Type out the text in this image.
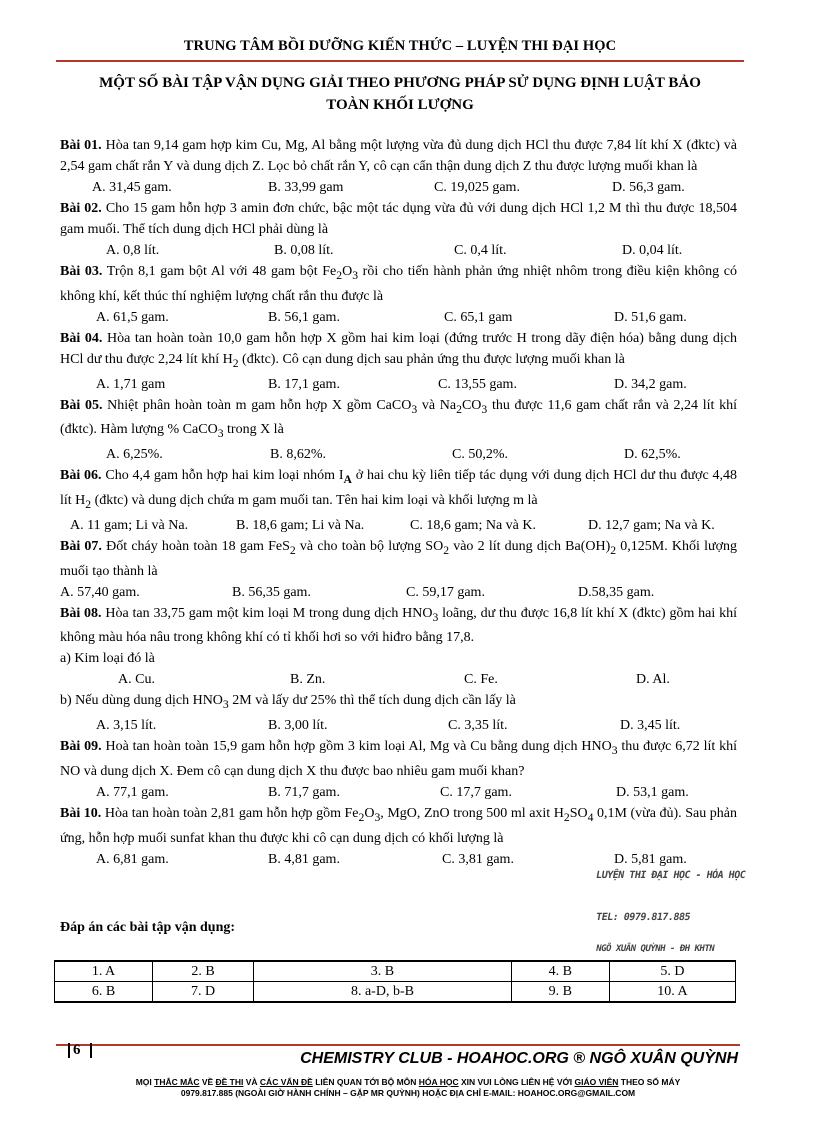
TRUNG TÂM BỒI DƯỠNG KIẾN THỨC – LUYỆN THI ĐẠI HỌC
MỘT SỐ BÀI TẬP VẬN DỤNG GIẢI THEO PHƯƠNG PHÁP SỬ DỤNG ĐỊNH LUẬT BẢO
TOÀN KHỐI LƯỢNG
Bài 01. Hòa tan 9,14 gam hợp kim Cu, Mg, Al bằng một lượng vừa đủ dung dịch HCl thu được 7,84 lít khí X (đktc) và 2,54 gam chất rắn Y và dung dịch Z. Lọc bỏ chất rắn Y, cô cạn cẩn thận dung dịch Z thu được lượng muối khan là
A. 31,45 gam.	B. 33,99 gam	C. 19,025 gam.	D. 56,3 gam.
Bài 02. Cho 15 gam hỗn hợp 3 amin đơn chức, bậc một tác dụng vừa đủ với dung dịch HCl 1,2 M thì thu được 18,504 gam muối. Thể tích dung dịch HCl phải dùng là
A. 0,8 lít.	B. 0,08 lít.	C. 0,4 lít.	D. 0,04 lít.
Bài 03. Trộn 8,1 gam bột Al với 48 gam bột $Fe_2O_3$ rồi cho tiến hành phản ứng nhiệt nhôm trong điều kiện không có không khí, kết thúc thí nghiệm lượng chất rắn thu được là
A. 61,5 gam.	B. 56,1 gam.	C. 65,1 gam	D. 51,6 gam.
Bài 04. Hòa tan hoàn toàn 10,0 gam hỗn hợp X gồm hai kim loại (đứng trước H trong dãy điện hóa) bằng dung dịch HCl dư thu được 2,24 lít khí $H_2$ (đktc). Cô cạn dung dịch sau phản ứng thu được lượng muối khan là
A. 1,71 gam	B. 17,1 gam.	C. 13,55 gam.	D. 34,2 gam.
Bài 05. Nhiệt phân hoàn toàn m gam hỗn hợp X gồm CaCO$_3$ và $Na_2CO_3$ thu được 11,6 gam chất rắn và 2,24 lít khí (đktc). Hàm lượng % CaCO$_3$ trong X là
A. 6,25%.	B. 8,62%.	C. 50,2%.	D. 62,5%.
Bài 06. Cho 4,4 gam hỗn hợp hai kim loại nhóm $I_A$ ở hai chu kỳ liên tiếp tác dụng với dung dịch HCl dư thu được 4,48 lít $H_2$ (đktc) và dung dịch chứa m gam muối tan. Tên hai kim loại và khối lượng m là
A. 11 gam; Li và Na.	B. 18,6 gam; Li và Na.	C. 18,6 gam; Na và K.	D. 12,7 gam; Na và K.
Bài 07. Đốt cháy hoàn toàn 18 gam FeS$_2$ và cho toàn bộ lượng $SO_2$ vào 2 lít dung dịch $Ba(OH)_2$ 0,125M. Khối lượng muối tạo thành là
A. 57,40 gam.	B. 56,35 gam.	C. 59,17 gam.	D.58,35 gam.
Bài 08. Hòa tan 33,75 gam một kim loại M trong dung dịch $HNO_3$ loãng, dư thu được 16,8 lít khí X (đktc) gồm hai khí không màu hóa nâu trong không khí có tỉ khối hơi so với hiđro bằng 17,8.
a) Kim loại đó là
A. Cu.	B. Zn.	C. Fe.	D. Al.
b) Nếu dùng dung dịch $HNO_3$ 2M và lấy dư 25% thì thể tích dung dịch cần lấy là
A. 3,15 lít.	B. 3,00 lít.	C. 3,35 lít.	D. 3,45 lít.
Bài 09. Hoà tan hoàn toàn 15,9 gam hỗn hợp gồm 3 kim loại Al, Mg và Cu bằng dung dịch $HNO_3$ thu được 6,72 lít khí NO và dung dịch X. Đem cô cạn dung dịch X thu được bao nhiêu gam muối khan?
A. 77,1 gam.	B. 71,7 gam.	C. 17,7 gam.	D. 53,1 gam.
Bài 10. Hòa tan hoàn toàn 2,81 gam hỗn hợp gồm $Fe_2O_3$, MgO, ZnO trong 500 ml axit $H_2SO_4$ 0,1M (vừa đủ). Sau phản ứng, hỗn hợp muối sunfat khan thu được khi cô cạn dung dịch có khối lượng là
A. 6,81 gam.	B. 4,81 gam.	C. 3,81 gam.	D. 5,81 gam.
LUYỆN THI ĐẠI HỌC - HÓA HỌC
TEL: 0979.817.885
NGÔ XUÂN QUỲNH - ĐH KHTN
Đáp án các bài tập vận dụng:
1. A	2. B	3. B	4. B	5. D
6. B	7. D	8. a-D, b-B	9. B	10. A
6	CHEMISTRY CLUB - HOAHOC.ORG ® NGÔ XUÂN QUỲNH
MỌI THẮC MẮC VỀ ĐỀ THI VÀ CÁC VẤN ĐỀ LIÊN QUAN TỚI BỘ MÔN HÓA HỌC XIN VUI LÒNG LIÊN HỆ VỚI GIÁO VIÊN THEO SỐ MÁY
0979.817.885 (NGOÀI GIỜ HÀNH CHÍNH – GẶP MR QUỲNH) HOẶC ĐỊA CHỈ E-MAIL: HOAHOC.ORG@GMAIL.COM
